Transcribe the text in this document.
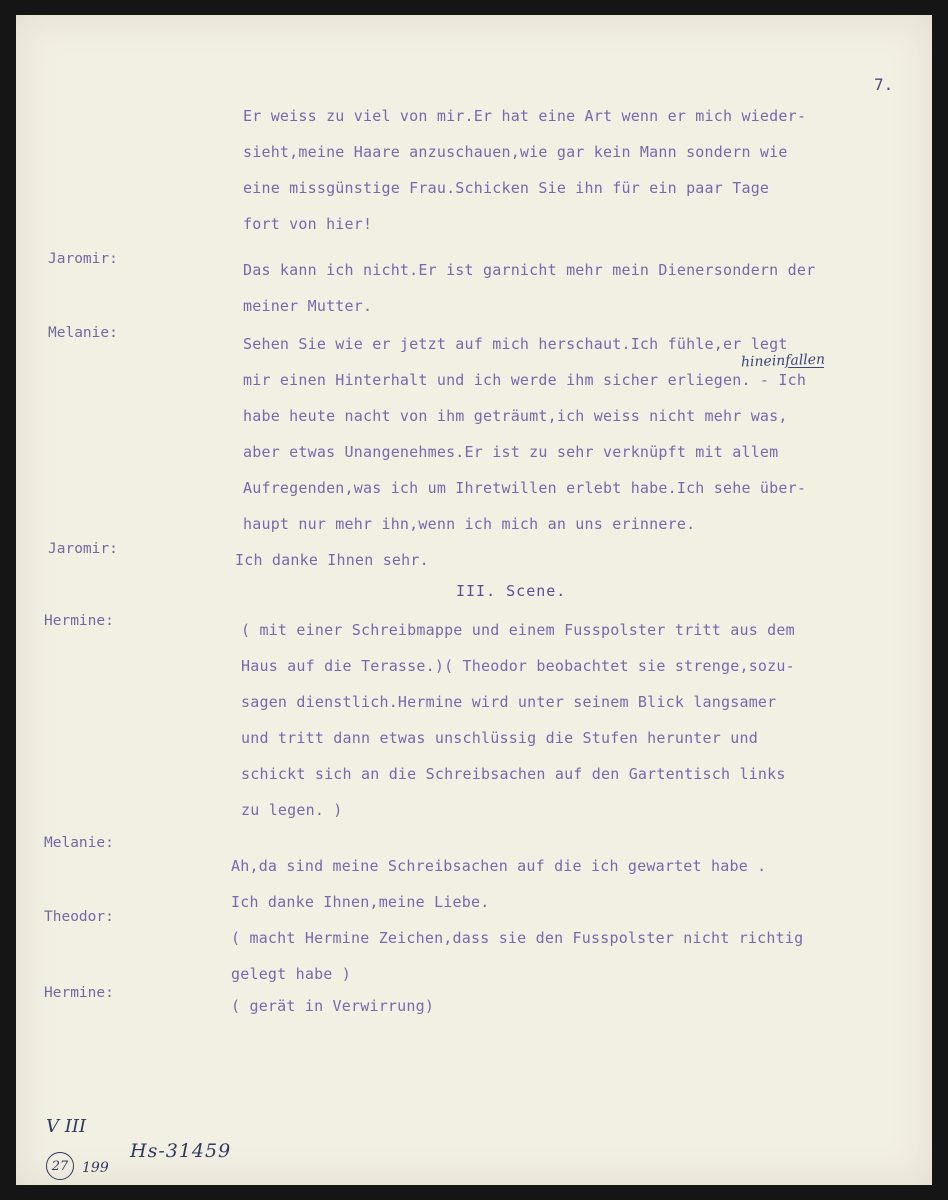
7.
Jaromir:
Melanie:
Jaromir:
Hermine:
Melanie:
Theodor:
Hermine:
Er weiss zu viel von mir.Er hat eine Art wenn er mich wieder-
sieht,meine Haare anzuschauen,wie gar kein Mann sondern wie
eine missgünstige Frau.Schicken Sie ihn für ein paar Tage
fort von hier!
Das kann ich nicht.Er ist garnicht mehr mein Dienersondern der
meiner Mutter.
Sehen Sie wie er jetzt auf mich herschaut.Ich fühle,er legt
mir einen Hinterhalt und ich werde ihm sicher erliegen. - Ich
habe heute nacht von ihm geträumt,ich weiss nicht mehr was,
aber etwas Unangenehmes.Er ist zu sehr verknüpft mit allem
Aufregenden,was ich um Ihretwillen erlebt habe.Ich sehe über-
haupt nur mehr ihn,wenn ich mich an uns erinnere.
Ich danke Ihnen sehr.
( mit einer Schreibmappe und einem Fusspolster tritt aus dem
Haus auf die Terasse.)( Theodor beobachtet sie strenge,sozu-
sagen dienstlich.Hermine wird unter seinem Blick langsamer
und tritt dann etwas unschlüssig die Stufen herunter und
schickt sich an die Schreibsachen auf den Gartentisch links
zu legen. )
Ah,da sind meine Schreibsachen auf die ich gewartet habe .
Ich danke Ihnen,meine Liebe.
( macht Hermine Zeichen,dass sie den Fusspolster nicht richtig
gelegt habe )
( gerät in Verwirrung)
III. Scene.
hineinfallen
V III
27 199
Hs-31459
